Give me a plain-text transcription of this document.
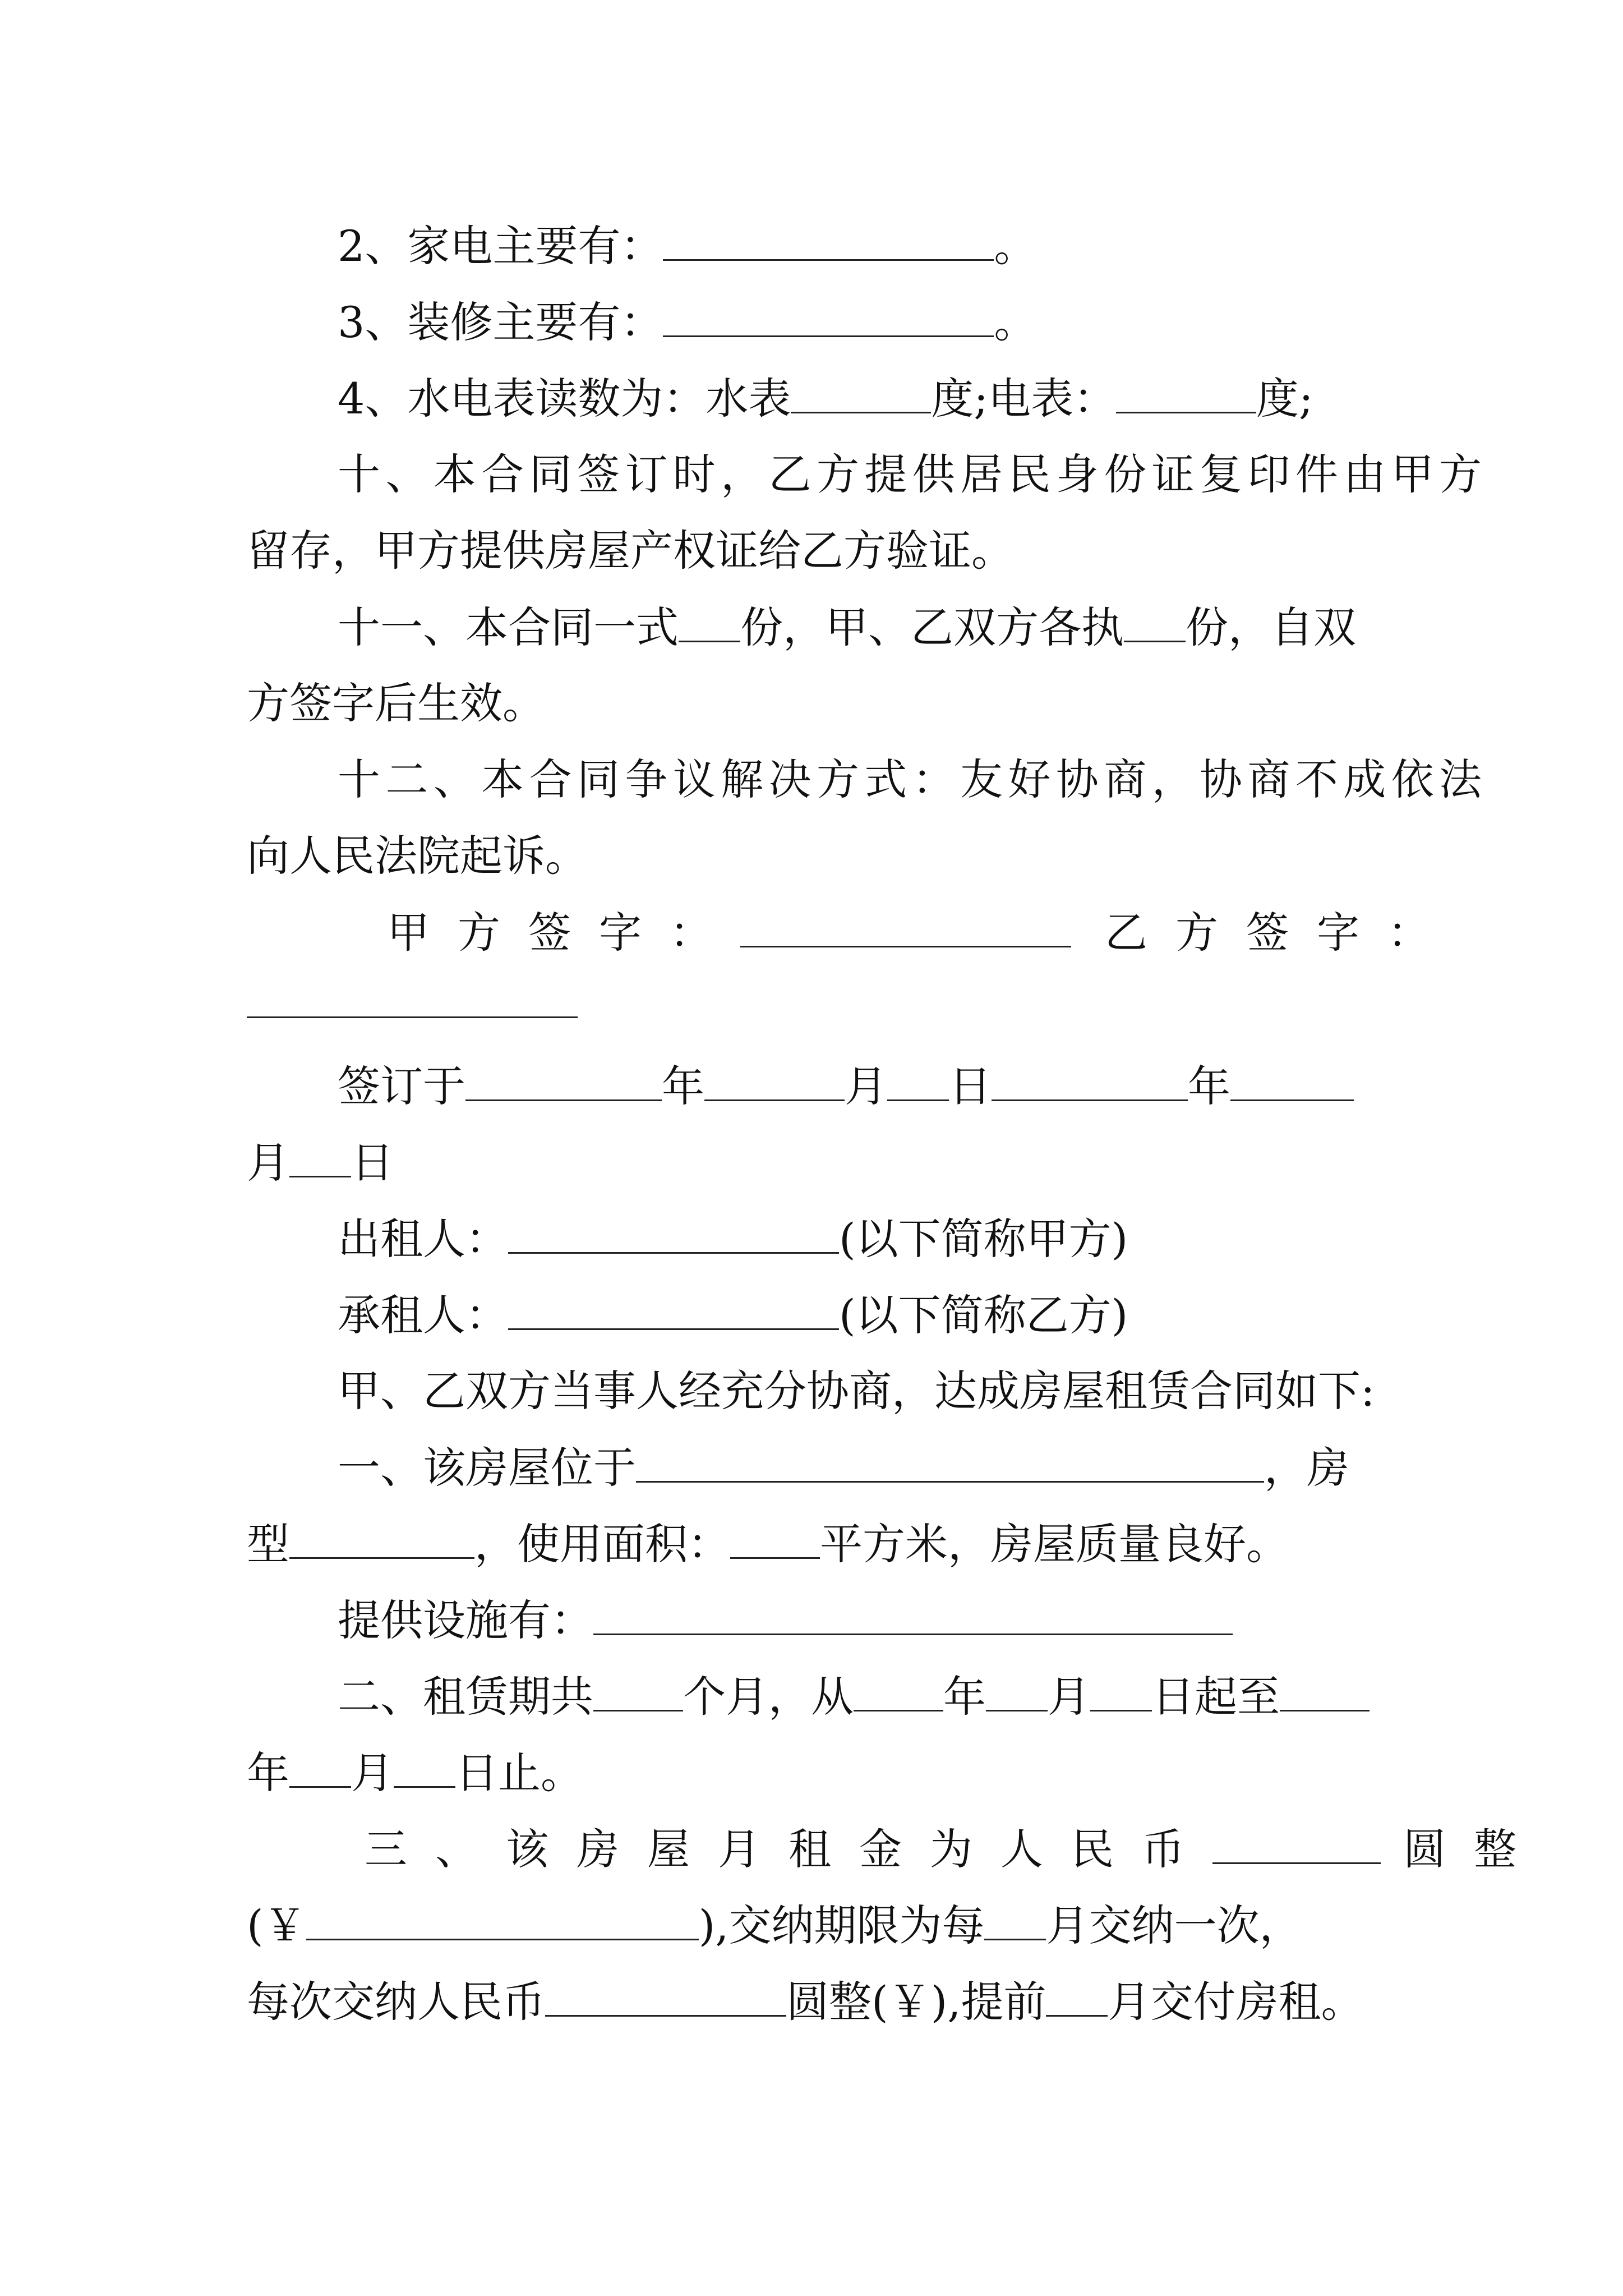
2、家电主要有：	。
3、装修主要有：	。
4、水电表读数为：水表	度;电表：	度;
十、本合同签订时，乙方提供居民身份证复印件由甲方
留存，甲方提供房屋产权证给乙方验证。
十一、本合同一式 份，甲、乙双方各执 份，自双
方签字后生效。
十二、本合同争议解决方式：友好协商，协商不成依法
向人民法院起诉。
甲方签字：	乙方签字：
签订于	年	月 日	年
月 日
出租人：	(以下简称甲方)
承租人：	(以下简称乙方)
甲、乙双方当事人经充分协商，达成房屋租赁合同如下:
一、该房屋位于	，房
型	，使用面积： 平方米，房屋质量良好。
提供设施有：
二、租赁期共 个月，从 年 月 日起至
年 月 日止。
三、该房屋月租金为人民币	圆整
(￥	),交纳期限为每 月交纳一次，
每次交纳人民币	圆整(￥),提前 月交付房租。
